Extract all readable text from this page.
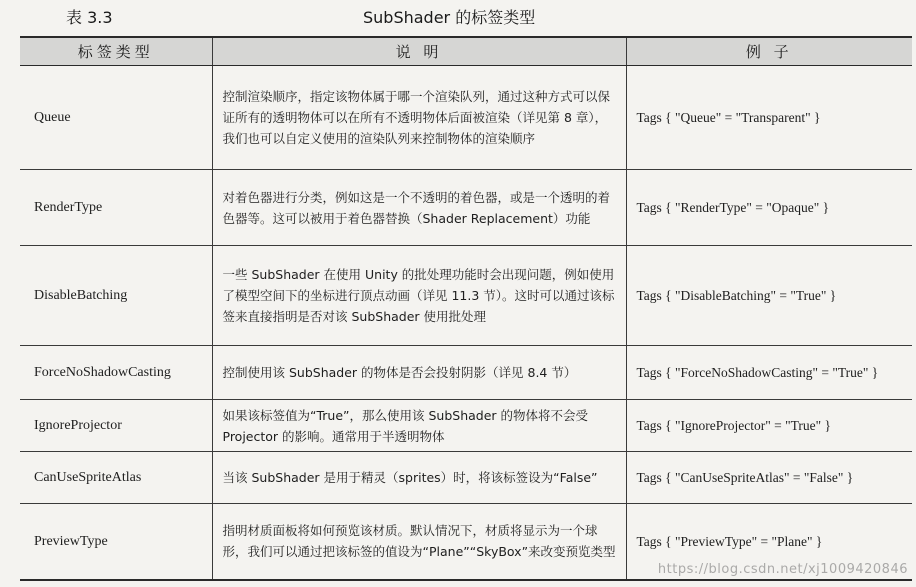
表 3.3	SubShader 的标签类型
标签类型	说 明	例 子
Queue	控制渲染顺序，指定该物体属于哪一个渲染队列，通过这种方式可以保证所有的透明物体可以在所有不透明物体后面被渲染（详见第 8 章），我们也可以自定义使用的渲染队列来控制物体的渲染顺序	Tags { "Queue" = "Transparent" }
RenderType	对着色器进行分类，例如这是一个不透明的着色器，或是一个透明的着色器等。这可以被用于着色器替换（Shader Replacement）功能	Tags { "RenderType" = "Opaque" }
DisableBatching	一些 SubShader 在使用 Unity 的批处理功能时会出现问题，例如使用了模型空间下的坐标进行顶点动画（详见 11.3 节）。这时可以通过该标签来直接指明是否对该 SubShader 使用批处理	Tags { "DisableBatching" = "True" }
ForceNoShadowCasting	控制使用该 SubShader 的物体是否会投射阴影（详见 8.4 节）	Tags { "ForceNoShadowCasting" = "True" }
IgnoreProjector	如果该标签值为“True”，那么使用该 SubShader 的物体将不会受 Projector 的影响。通常用于半透明物体	Tags { "IgnoreProjector" = "True" }
CanUseSpriteAtlas	当该 SubShader 是用于精灵（sprites）时，将该标签设为“False”	Tags { "CanUseSpriteAtlas" = "False" }
PreviewType	指明材质面板将如何预览该材质。默认情况下，材质将显示为一个球形，我们可以通过把该标签的值设为“Plane”“SkyBox”来改变预览类型	Tags { "PreviewType" = "Plane" }
https://blog.csdn.net/xj1009420846
